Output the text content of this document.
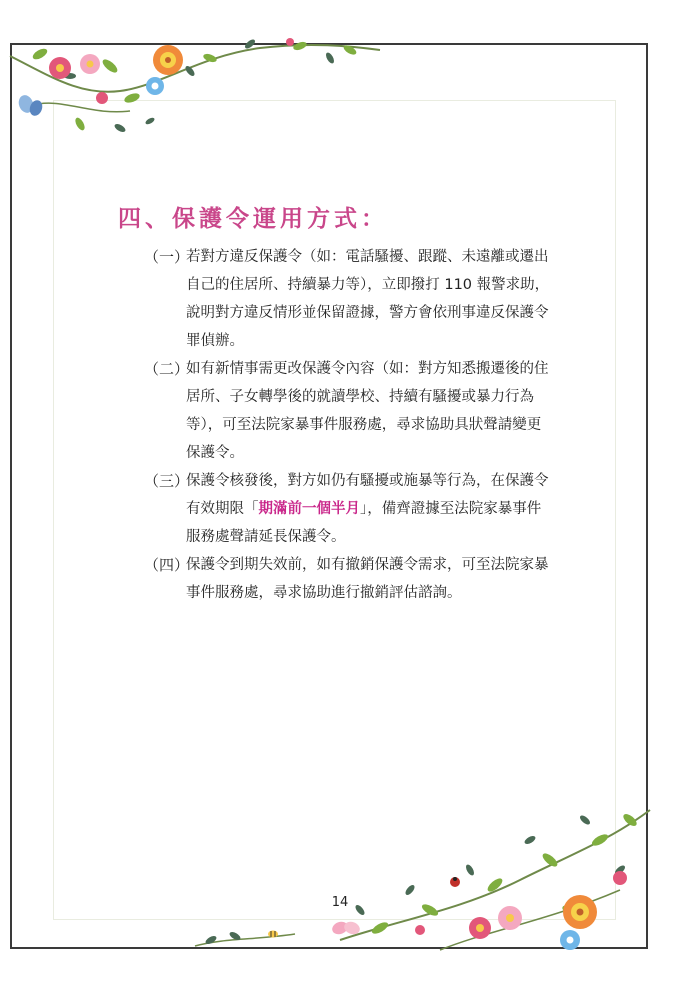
四、保護令運用方式：
（一）
若對方違反保護令（如：電話騷擾、跟蹤、未遠離或遷出
自己的住居所、持續暴力等），立即撥打 110 報警求助，
說明對方違反情形並保留證據，警方會依刑事違反保護令
罪偵辦。
（二）
如有新情事需更改保護令內容（如：對方知悉搬遷後的住
居所、子女轉學後的就讀學校、持續有騷擾或暴力行為
等），可至法院家暴事件服務處，尋求協助具狀聲請變更
保護令。
（三）
保護令核發後，對方如仍有騷擾或施暴等行為，在保護令
有效期限「期滿前一個半月」，備齊證據至法院家暴事件
服務處聲請延長保護令。
（四）
保護令到期失效前，如有撤銷保護令需求，可至法院家暴
事件服務處，尋求協助進行撤銷評估諮詢。
14
